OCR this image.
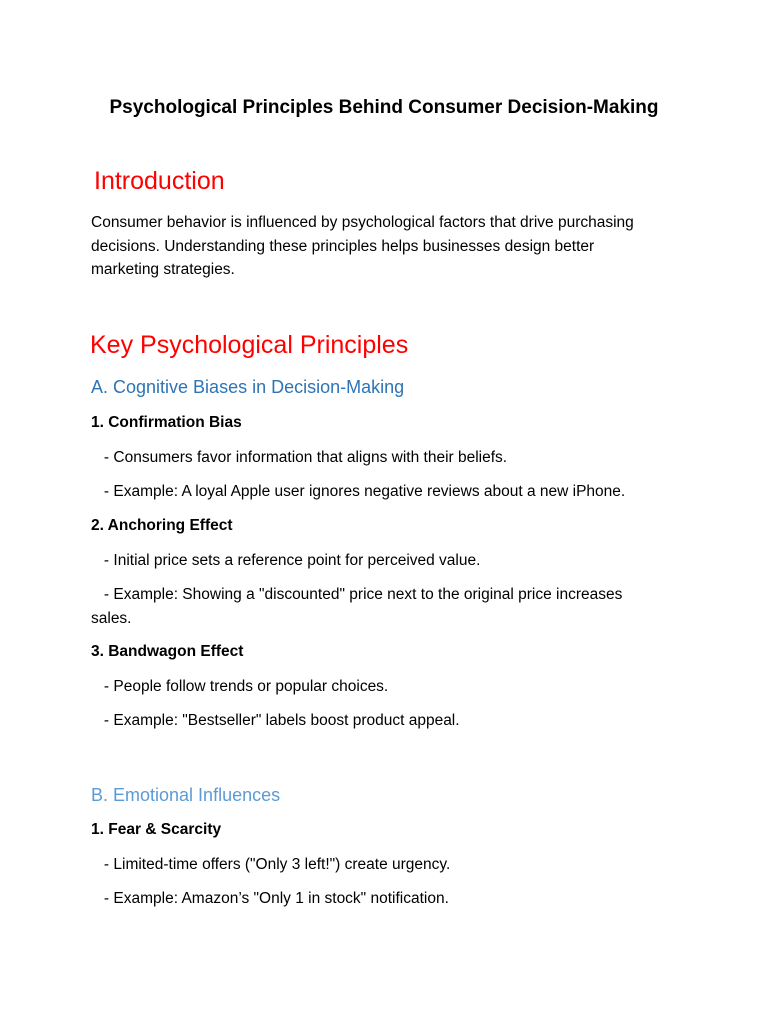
Psychological Principles Behind Consumer Decision-Making
Introduction
Consumer behavior is influenced by psychological factors that drive purchasing decisions. Understanding these principles helps businesses design better marketing strategies.
Key Psychological Principles
A. Cognitive Biases in Decision-Making
1. Confirmation Bias
- Consumers favor information that aligns with their beliefs.
- Example: A loyal Apple user ignores negative reviews about a new iPhone.
2. Anchoring Effect
- Initial price sets a reference point for perceived value.
- Example: Showing a "discounted" price next to the original price increases sales.
3. Bandwagon Effect
- People follow trends or popular choices.
- Example: "Bestseller" labels boost product appeal.
B. Emotional Influences
1. Fear & Scarcity
- Limited-time offers ("Only 3 left!") create urgency.
- Example: Amazon’s "Only 1 in stock" notification.
